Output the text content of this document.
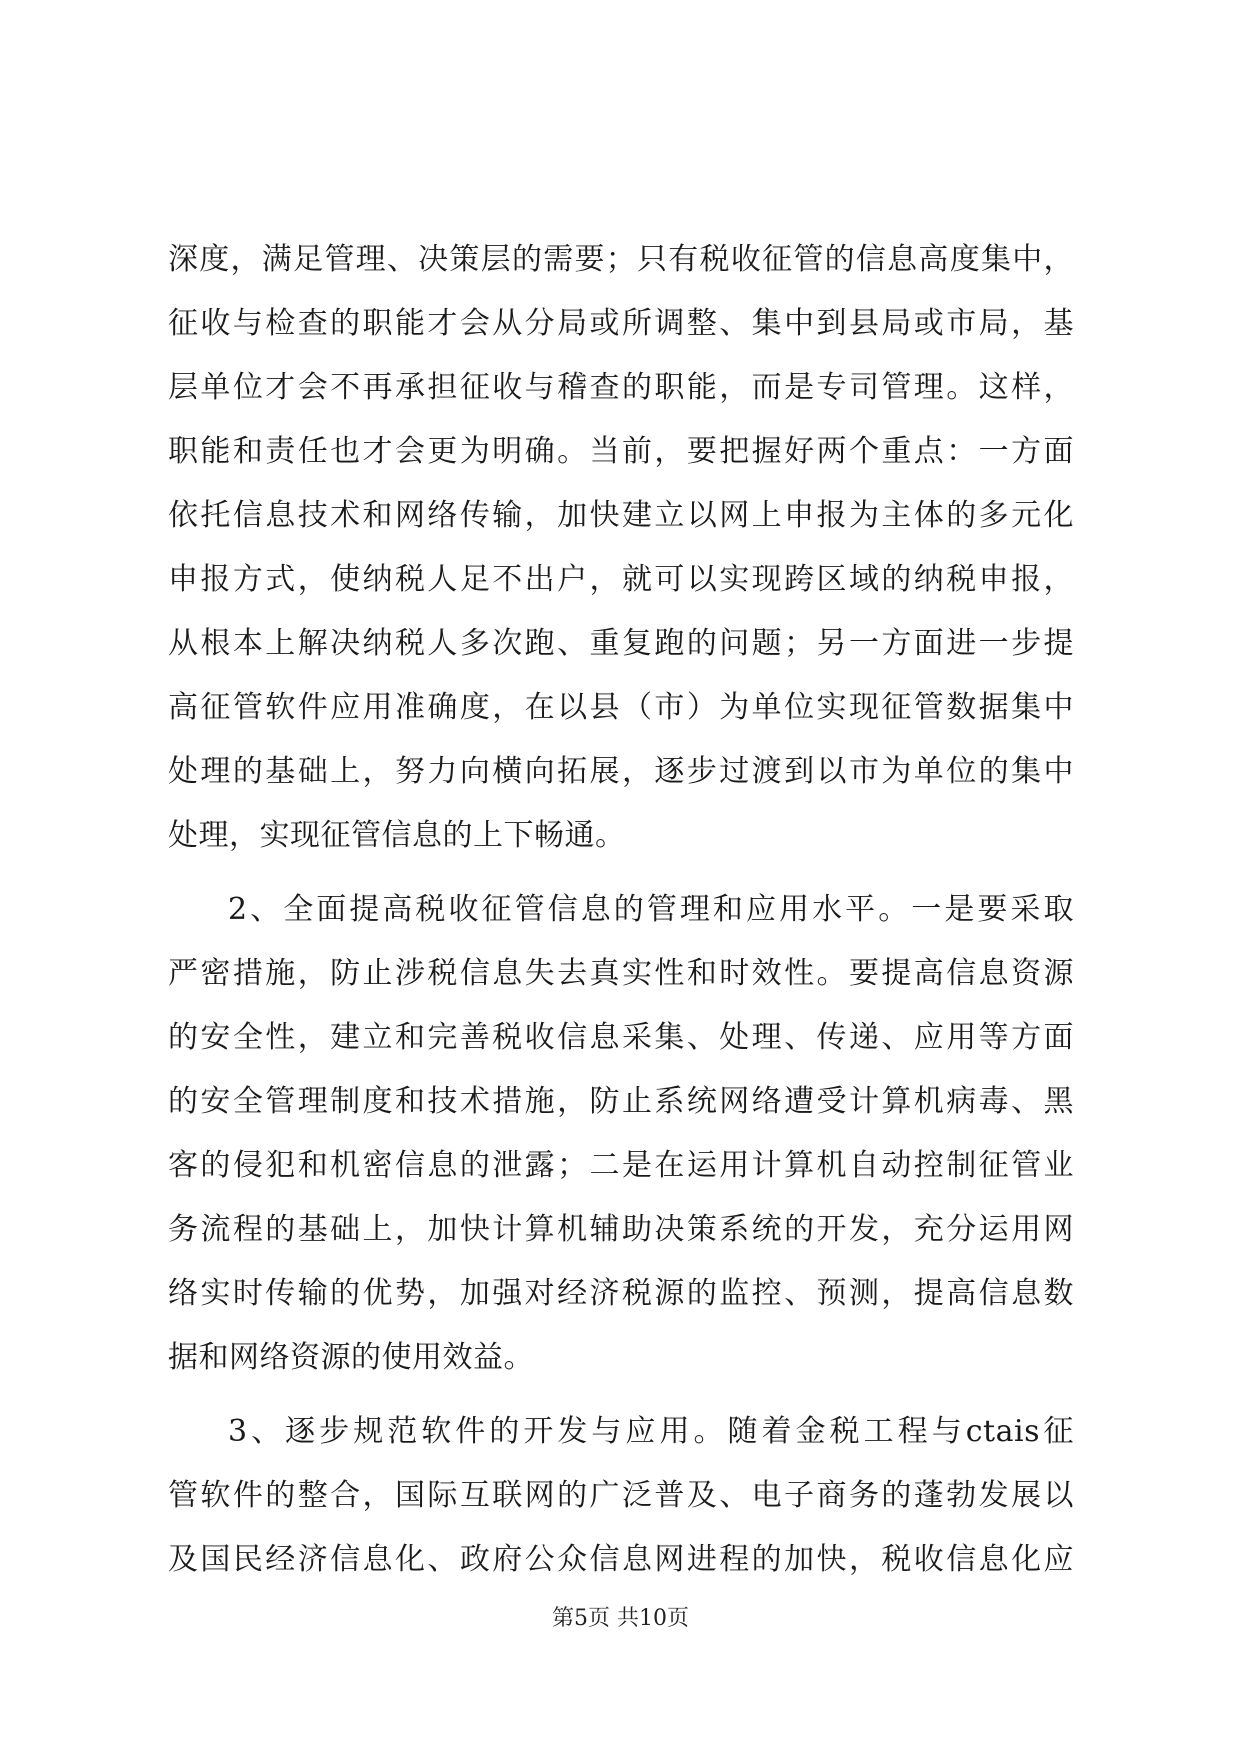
深度，满足管理、决策层的需要；只有税收征管的信息高度集中，
征收与检查的职能才会从分局或所调整、集中到县局或市局，基
层单位才会不再承担征收与稽查的职能，而是专司管理。这样，
职能和责任也才会更为明确。当前，要把握好两个重点：一方面
依托信息技术和网络传输，加快建立以网上申报为主体的多元化
申报方式，使纳税人足不出户，就可以实现跨区域的纳税申报，
从根本上解决纳税人多次跑、重复跑的问题；另一方面进一步提
高征管软件应用准确度，在以县（市）为单位实现征管数据集中
处理的基础上，努力向横向拓展，逐步过渡到以市为单位的集中
处理，实现征管信息的上下畅通。
2、全面提高税收征管信息的管理和应用水平。一是要采取
严密措施，防止涉税信息失去真实性和时效性。要提高信息资源
的安全性，建立和完善税收信息采集、处理、传递、应用等方面
的安全管理制度和技术措施，防止系统网络遭受计算机病毒、黑
客的侵犯和机密信息的泄露；二是在运用计算机自动控制征管业
务流程的基础上，加快计算机辅助决策系统的开发，充分运用网
络实时传输的优势，加强对经济税源的监控、预测，提高信息数
据和网络资源的使用效益。
3、逐步规范软件的开发与应用。随着金税工程与ctais征
管软件的整合，国际互联网的广泛普及、电子商务的蓬勃发展以
及国民经济信息化、政府公众信息网进程的加快，税收信息化应
第5页 共10页
